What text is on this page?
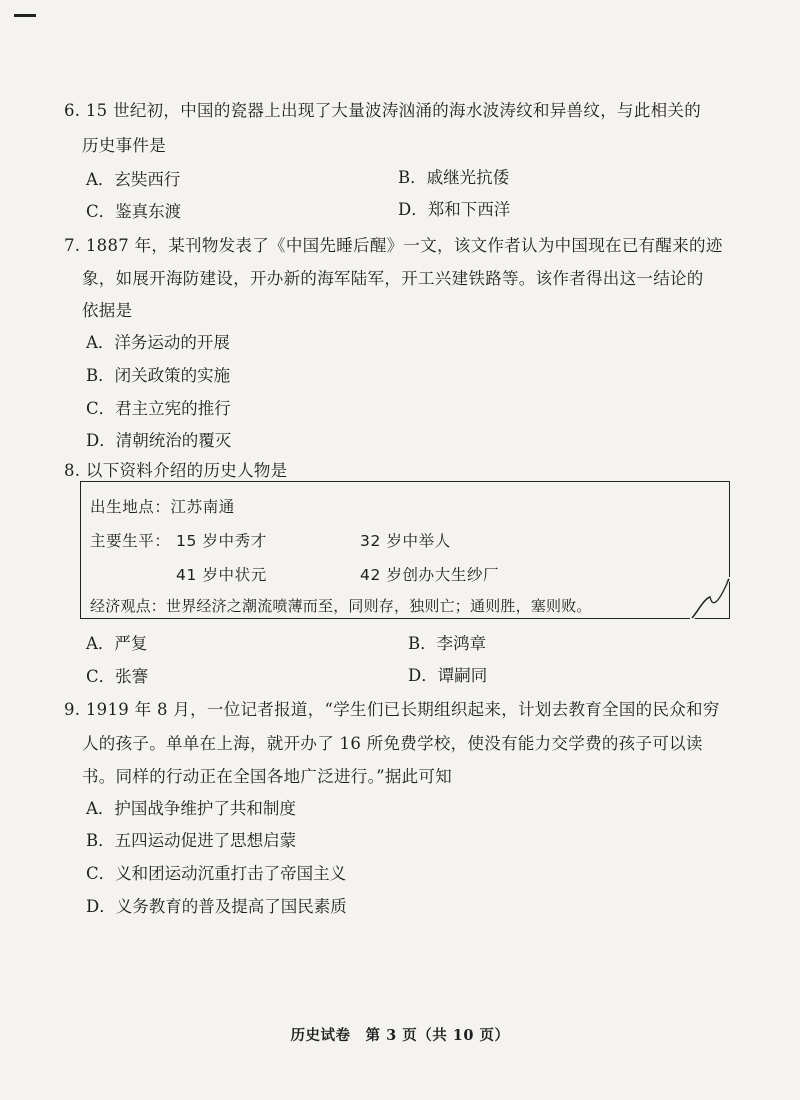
6. 15 世纪初，中国的瓷器上出现了大量波涛汹涌的海水波涛纹和异兽纹，与此相关的
历史事件是
A．玄奘西行	B．戚继光抗倭
C．鉴真东渡	D．郑和下西洋
7. 1887 年，某刊物发表了《中国先睡后醒》一文，该文作者认为中国现在已有醒来的迹
象，如展开海防建设，开办新的海军陆军，开工兴建铁路等。该作者得出这一结论的
依据是
A．洋务运动的开展
B．闭关政策的实施
C．君主立宪的推行
D．清朝统治的覆灭
8. 以下资料介绍的历史人物是
出生地点：江苏南通
主要生平： 15 岁中秀才	32 岁中举人
41 岁中状元	42 岁创办大生纱厂
经济观点：世界经济之潮流喷薄而至，同则存，独则亡；通则胜，塞则败。
A．严复	B．李鸿章
C．张謇	D．谭嗣同
9. 1919 年 8 月，一位记者报道，“学生们已长期组织起来，计划去教育全国的民众和穷
人的孩子。单单在上海，就开办了 16 所免费学校，使没有能力交学费的孩子可以读
书。同样的行动正在全国各地广泛进行。”据此可知
A．护国战争维护了共和制度
B．五四运动促进了思想启蒙
C．义和团运动沉重打击了帝国主义
D．义务教育的普及提高了国民素质
历史试卷　第 3 页（共 10 页）
